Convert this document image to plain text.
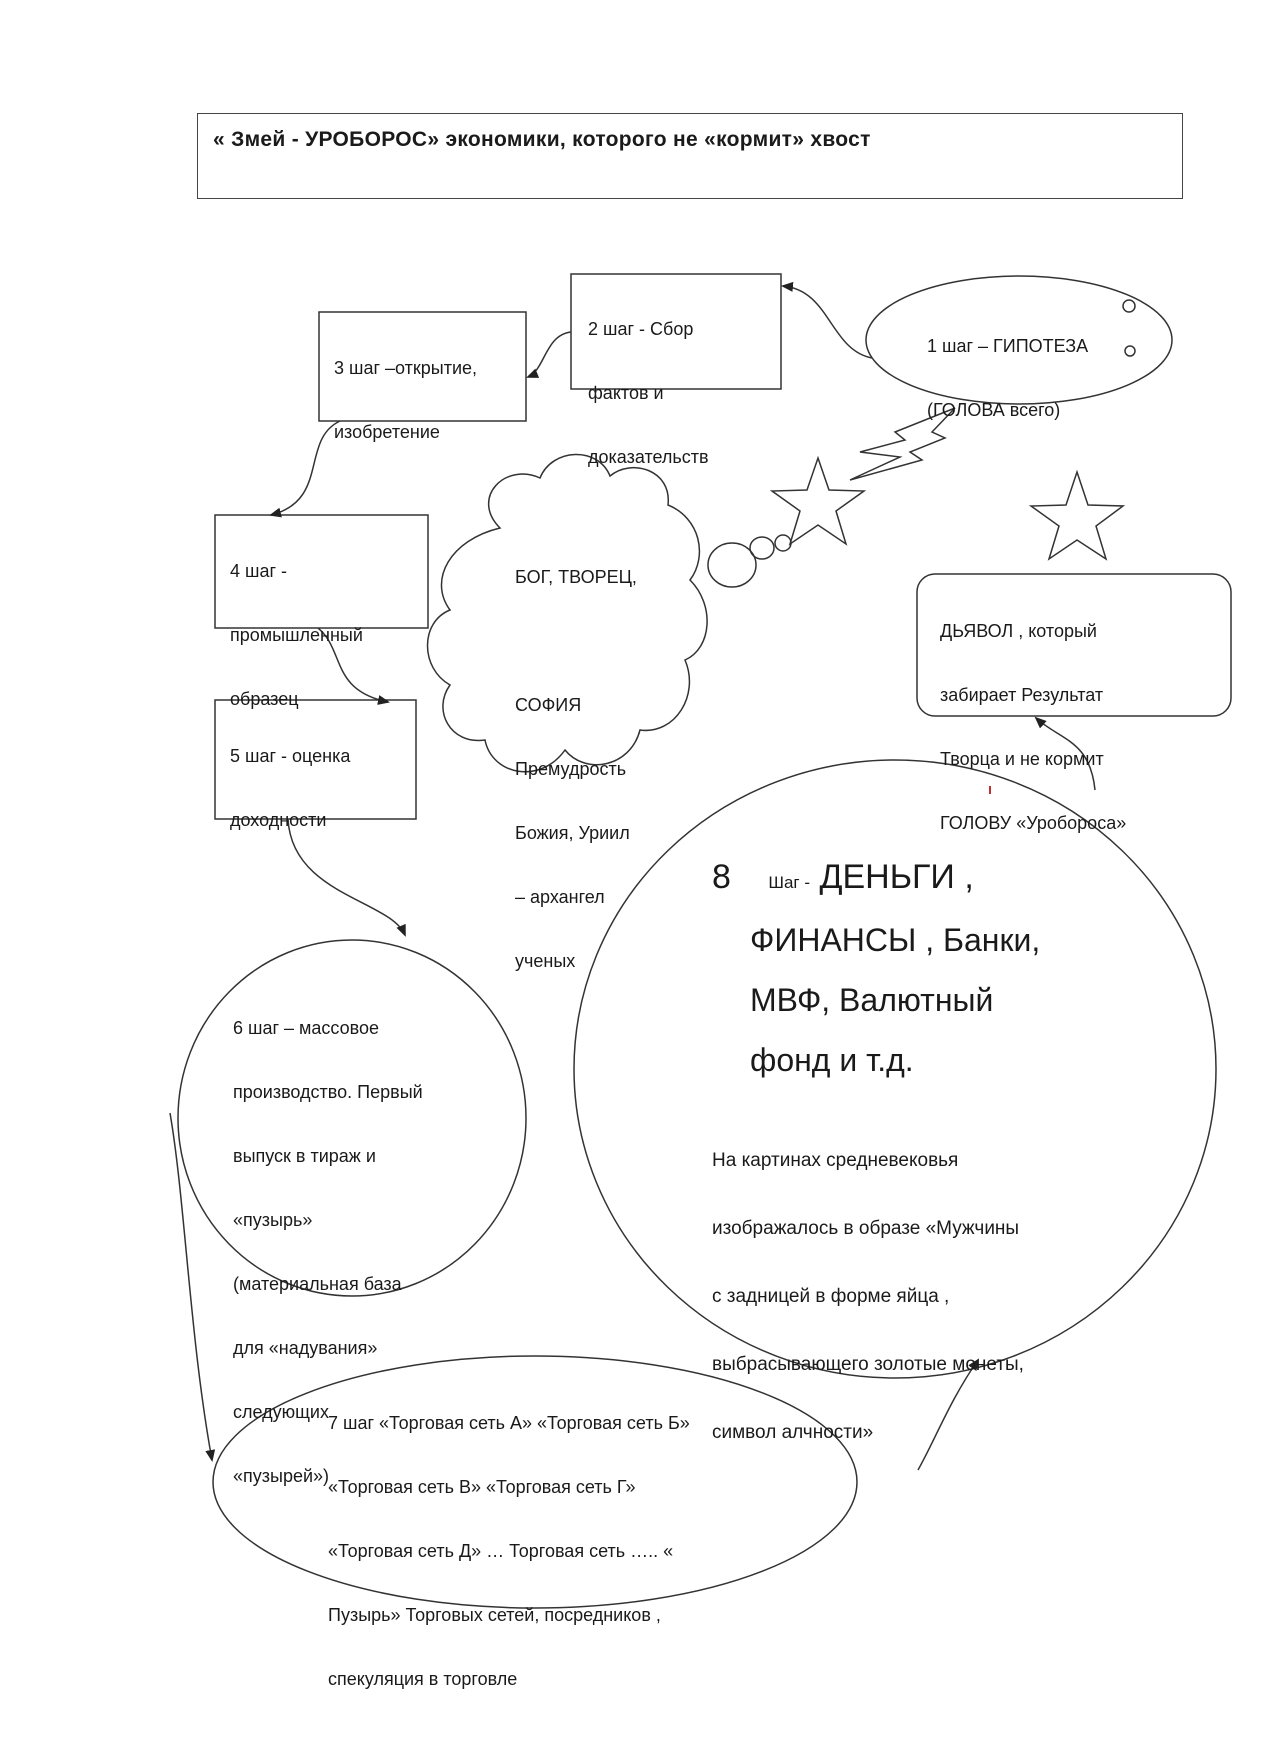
« Змей - УРОБОРОС» экономики, которого не «кормит» хвост

1 шаг – ГИПОТЕЗА

(ГОЛОВА всего)

2 шаг - Сбор

фактов и

доказательств

3 шаг –открытие,

изобретение

4 шаг -

промышленный

образец

5 шаг - оценка

доходности

БОГ, ТВОРЕЦ,

СОФИЯ

Премудрость

Божия, Уриил

– архангел

ученых

ДЬЯВОЛ , который

забирает Результат

Творца и не кормит

ГОЛОВУ «Уробороса»

6 шаг – массовое

производство. Первый

выпуск в тираж и

«пузырь»

(материальная база

для «надувания»

следующих

«пузырей»)

8 Шаг - ДЕНЬГИ ,
ФИНАНСЫ , Банки,
МВФ, Валютный
фонд и т.д.

На картинах средневековья

изображалось в образе «Мужчины

с задницей в форме яйца ,

выбрасывающего золотые монеты,

символ алчности»

7 шаг «Торговая сеть А» «Торговая сеть Б»

«Торговая сеть В» «Торговая сеть Г»

«Торговая сеть Д» … Торговая сеть ….. «

Пузырь» Торговых сетей, посредников ,

спекуляция в торговле
